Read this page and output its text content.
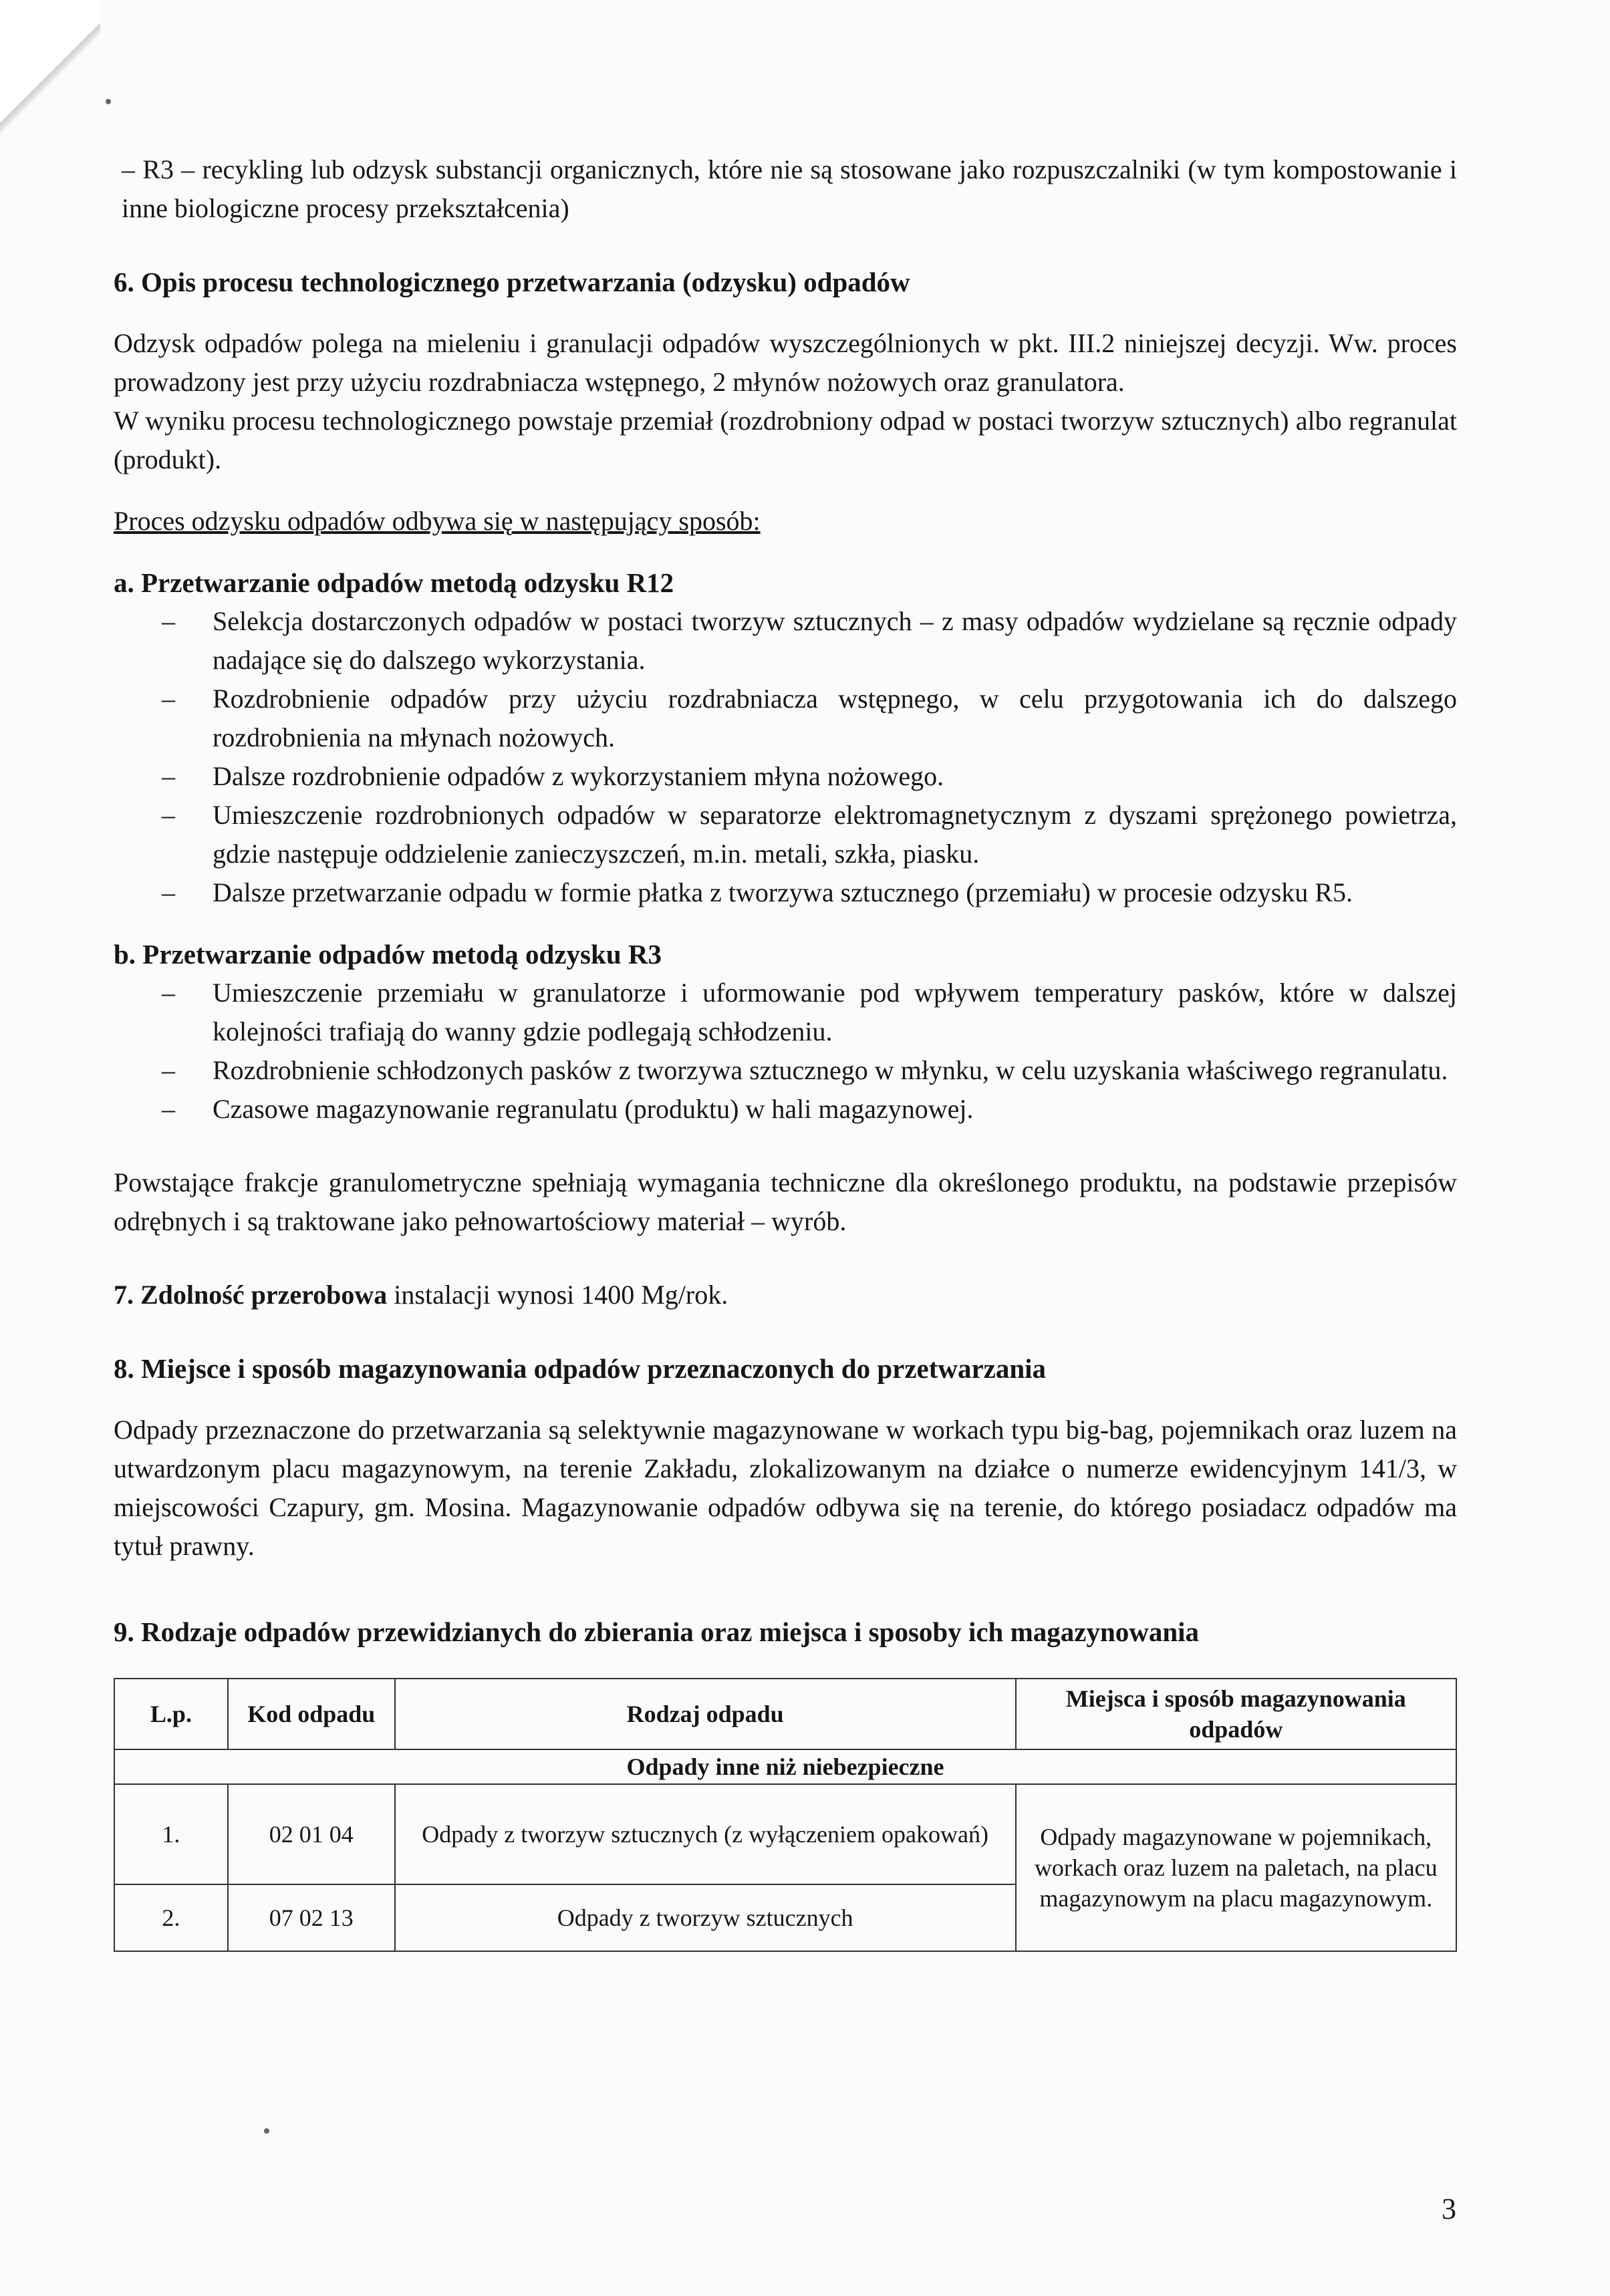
– R3 – recykling lub odzysk substancji organicznych, które nie są stosowane jako rozpuszczalniki (w tym kompostowanie i inne biologiczne procesy przekształcenia)

6. Opis procesu technologicznego przetwarzania (odzysku) odpadów

Odzysk odpadów polega na mieleniu i granulacji odpadów wyszczególnionych w pkt. III.2 niniejszej decyzji. Ww. proces prowadzony jest przy użyciu rozdrabniacza wstępnego, 2 młynów nożowych oraz granulatora.

W wyniku procesu technologicznego powstaje przemiał (rozdrobniony odpad w postaci tworzyw sztucznych) albo regranulat (produkt).

Proces odzysku odpadów odbywa się w następujący sposób:

a. Przetwarzanie odpadów metodą odzysku R12

– Selekcja dostarczonych odpadów w postaci tworzyw sztucznych – z masy odpadów wydzielane są ręcznie odpady nadające się do dalszego wykorzystania.
– Rozdrobnienie odpadów przy użyciu rozdrabniacza wstępnego, w celu przygotowania ich do dalszego rozdrobnienia na młynach nożowych.
– Dalsze rozdrobnienie odpadów z wykorzystaniem młyna nożowego.
– Umieszczenie rozdrobnionych odpadów w separatorze elektromagnetycznym z dyszami sprężonego powietrza, gdzie następuje oddzielenie zanieczyszczeń, m.in. metali, szkła, piasku.
– Dalsze przetwarzanie odpadu w formie płatka z tworzywa sztucznego (przemiału) w procesie odzysku R5.

b. Przetwarzanie odpadów metodą odzysku R3

– Umieszczenie przemiału w granulatorze i uformowanie pod wpływem temperatury pasków, które w dalszej kolejności trafiają do wanny gdzie podlegają schłodzeniu.
– Rozdrobnienie schłodzonych pasków z tworzywa sztucznego w młynku, w celu uzyskania właściwego regranulatu.
– Czasowe magazynowanie regranulatu (produktu) w hali magazynowej.

Powstające frakcje granulometryczne spełniają wymagania techniczne dla określonego produktu, na podstawie przepisów odrębnych i są traktowane jako pełnowartościowy materiał – wyrób.

7. Zdolność przerobowa instalacji wynosi 1400 Mg/rok.

8. Miejsce i sposób magazynowania odpadów przeznaczonych do przetwarzania

Odpady przeznaczone do przetwarzania są selektywnie magazynowane w workach typu big-bag, pojemnikach oraz luzem na utwardzonym placu magazynowym, na terenie Zakładu, zlokalizowanym na działce o numerze ewidencyjnym 141/3, w miejscowości Czapury, gm. Mosina. Magazynowanie odpadów odbywa się na terenie, do którego posiadacz odpadów ma tytuł prawny.

9. Rodzaje odpadów przewidzianych do zbierania oraz miejsca i sposoby ich magazynowania

L.p.	Kod odpadu	Rodzaj odpadu	Miejsca i sposób magazynowania odpadów
Odpady inne niż niebezpieczne			
1.	02 01 04	Odpady z tworzyw sztucznych (z wyłączeniem opakowań)	Odpady magazynowane w pojemnikach, workach oraz luzem na paletach, na placu magazynowym na placu magazynowym.
2.	07 02 13	Odpady z tworzyw sztucznych	
3
